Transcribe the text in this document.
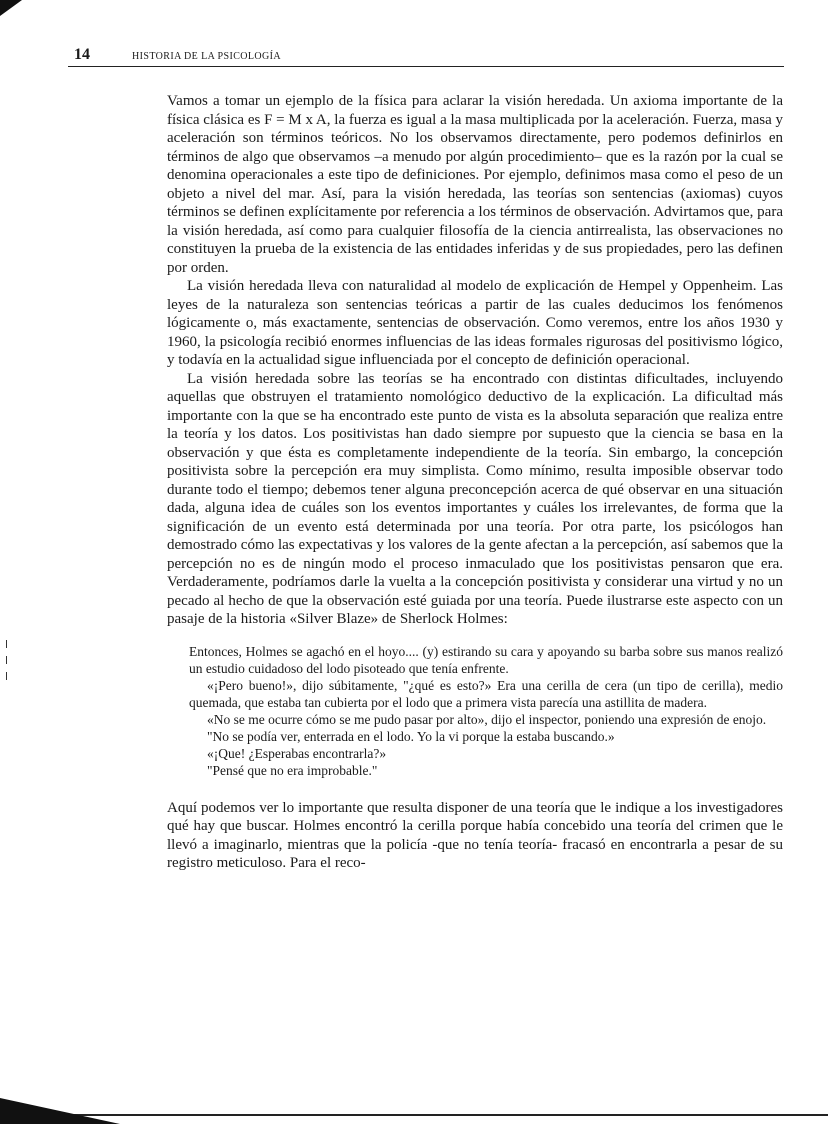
14	HISTORIA DE LA PSICOLOGÍA

Vamos a tomar un ejemplo de la física para aclarar la visión heredada. Un axioma importante de la física clásica es F = M x A, la fuerza es igual a la masa multiplicada por la aceleración. Fuerza, masa y aceleración son términos teóricos. No los observamos directamente, pero podemos definirlos en términos de algo que observamos –a menudo por algún procedimiento– que es la razón por la cual se denomina operacionales a este tipo de definiciones. Por ejemplo, definimos masa como el peso de un objeto a nivel del mar. Así, para la visión heredada, las teorías son sentencias (axiomas) cuyos términos se definen explícitamente por referencia a los términos de observación. Advirtamos que, para la visión heredada, así como para cualquier filosofía de la ciencia antirrealista, las observaciones no constituyen la prueba de la existencia de las entidades inferidas y de sus propiedades, pero las definen por orden.

La visión heredada lleva con naturalidad al modelo de explicación de Hempel y Oppenheim. Las leyes de la naturaleza son sentencias teóricas a partir de las cuales deducimos los fenómenos lógicamente o, más exactamente, sentencias de observación. Como veremos, entre los años 1930 y 1960, la psicología recibió enormes influencias de las ideas formales rigurosas del positivismo lógico, y todavía en la actualidad sigue influenciada por el concepto de definición operacional.

La visión heredada sobre las teorías se ha encontrado con distintas dificultades, incluyendo aquellas que obstruyen el tratamiento nomológico deductivo de la explicación. La dificultad más importante con la que se ha encontrado este punto de vista es la absoluta separación que realiza entre la teoría y los datos. Los positivistas han dado siempre por supuesto que la ciencia se basa en la observación y que ésta es completamente independiente de la teoría. Sin embargo, la concepción positivista sobre la percepción era muy simplista. Como mínimo, resulta imposible observar todo durante todo el tiempo; debemos tener alguna preconcepción acerca de qué observar en una situación dada, alguna idea de cuáles son los eventos importantes y cuáles los irrelevantes, de forma que la significación de un evento está determinada por una teoría. Por otra parte, los psicólogos han demostrado cómo las expectativas y los valores de la gente afectan a la percepción, así sabemos que la percepción no es de ningún modo el proceso inmaculado que los positivistas pensaron que era. Verdaderamente, podríamos darle la vuelta a la concepción positivista y considerar una virtud y no un pecado al hecho de que la observación esté guiada por una teoría. Puede ilustrarse este aspecto con un pasaje de la historia «Silver Blaze» de Sherlock Holmes:

Entonces, Holmes se agachó en el hoyo.... (y) estirando su cara y apoyando su barba sobre sus manos realizó un estudio cuidadoso del lodo pisoteado que tenía enfrente.

«¡Pero bueno!», dijo súbitamente, "¿qué es esto?» Era una cerilla de cera (un tipo de cerilla), medio quemada, que estaba tan cubierta por el lodo que a primera vista parecía una astillita de madera.

«No se me ocurre cómo se me pudo pasar por alto», dijo el inspector, poniendo una expresión de enojo.

"No se podía ver, enterrada en el lodo. Yo la vi porque la estaba buscando.»

«¡Que! ¿Esperabas encontrarla?»

"Pensé que no era improbable."

Aquí podemos ver lo importante que resulta disponer de una teoría que le indique a los investigadores qué hay que buscar. Holmes encontró la cerilla porque había concebido una teoría del crimen que le llevó a imaginarlo, mientras que la policía -que no tenía teoría- fracasó en encontrarla a pesar de su registro meticuloso. Para el reco-
